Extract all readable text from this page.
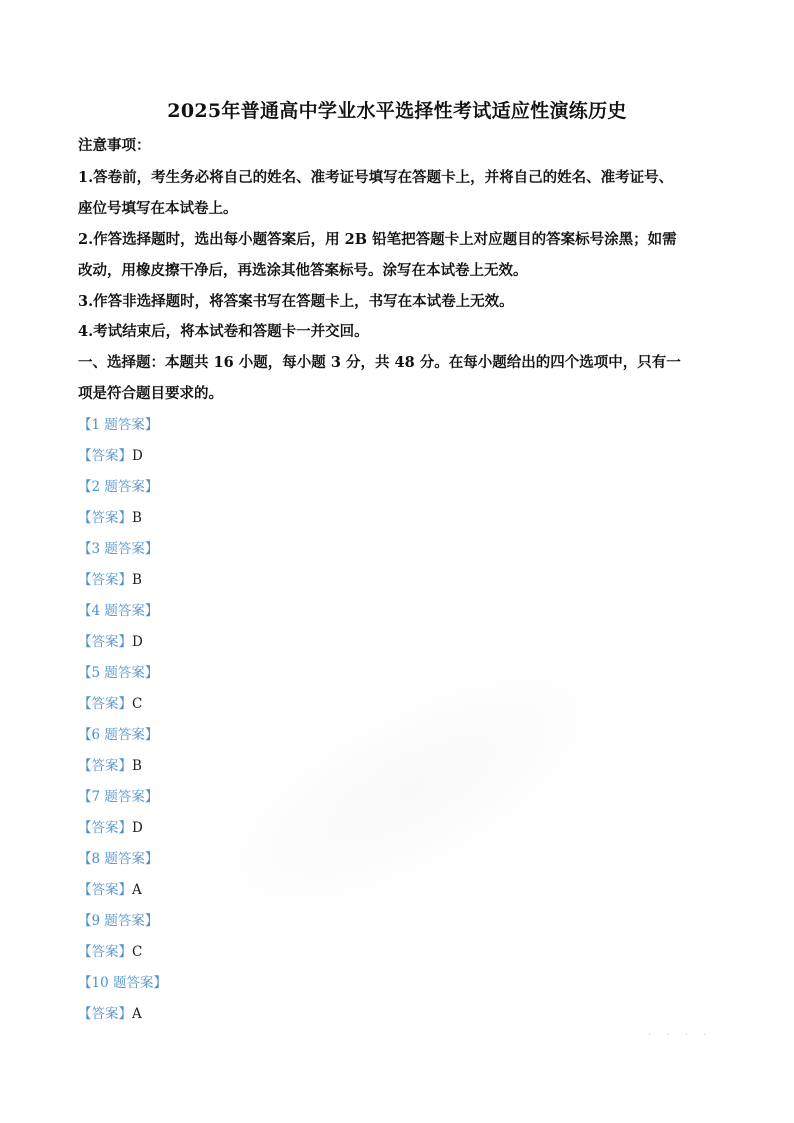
2025年普通高中学业水平选择性考试适应性演练历史
注意事项：
1.答卷前，考生务必将自己的姓名、准考证号填写在答题卡上，并将自己的姓名、准考证号、
座位号填写在本试卷上。
2.作答选择题时，选出每小题答案后，用 2B 铅笔把答题卡上对应题目的答案标号涂黑；如需
改动，用橡皮擦干净后，再选涂其他答案标号。涂写在本试卷上无效。
3.作答非选择题时，将答案书写在答题卡上，书写在本试卷上无效。
4.考试结束后，将本试卷和答题卡一并交回。
一、选择题：本题共 16 小题，每小题 3 分，共 48 分。在每小题给出的四个选项中，只有一
项是符合题目要求的。
【1 题答案】
【答案】D
【2 题答案】
【答案】B
【3 题答案】
【答案】B
【4 题答案】
【答案】D
【5 题答案】
【答案】C
【6 题答案】
【答案】B
【7 题答案】
【答案】D
【8 题答案】
【答案】A
【9 题答案】
【答案】C
【10 题答案】
【答案】A
· · · ·
